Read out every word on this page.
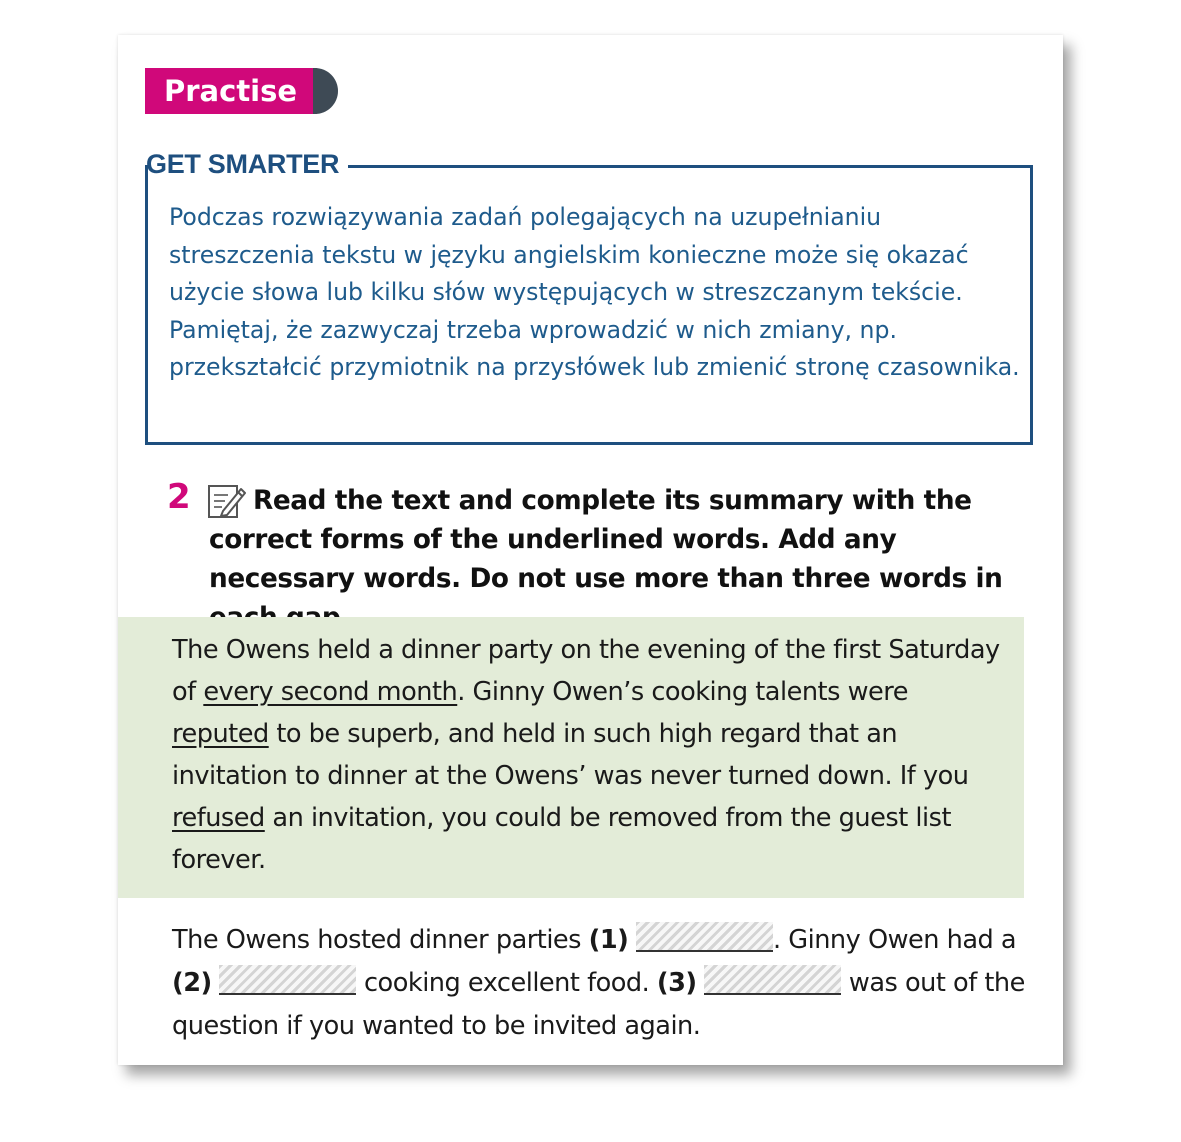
Practise
GET SMARTER
Podczas rozwiązywania zadań polegających na uzupełnianiu streszczenia tekstu w języku angielskim konieczne może się okazać użycie słowa lub kilku słów występujących w streszczanym tekście. Pamiętaj, że zazwyczaj trzeba wprowadzić w nich zmiany, np. przekształcić przymiotnik na przysłówek lub zmienić stronę czasownika.
2	Read the text and complete its summary with the correct forms of the underlined words. Add any necessary words. Do not use more than three words in
The Owens held a dinner party on the evening of the first Saturday of every second month. Ginny Owen’s cooking talents were reputed to be superb, and held in such high regard that an invitation to dinner at the Owens’ was never turned down. If you refused an invitation, you could be removed from the guest list forever.
The Owens hosted dinner parties (1)	. Ginny Owen had a (2)	cooking excellent food. (3)	was out of the question if you wanted to be invited again.
